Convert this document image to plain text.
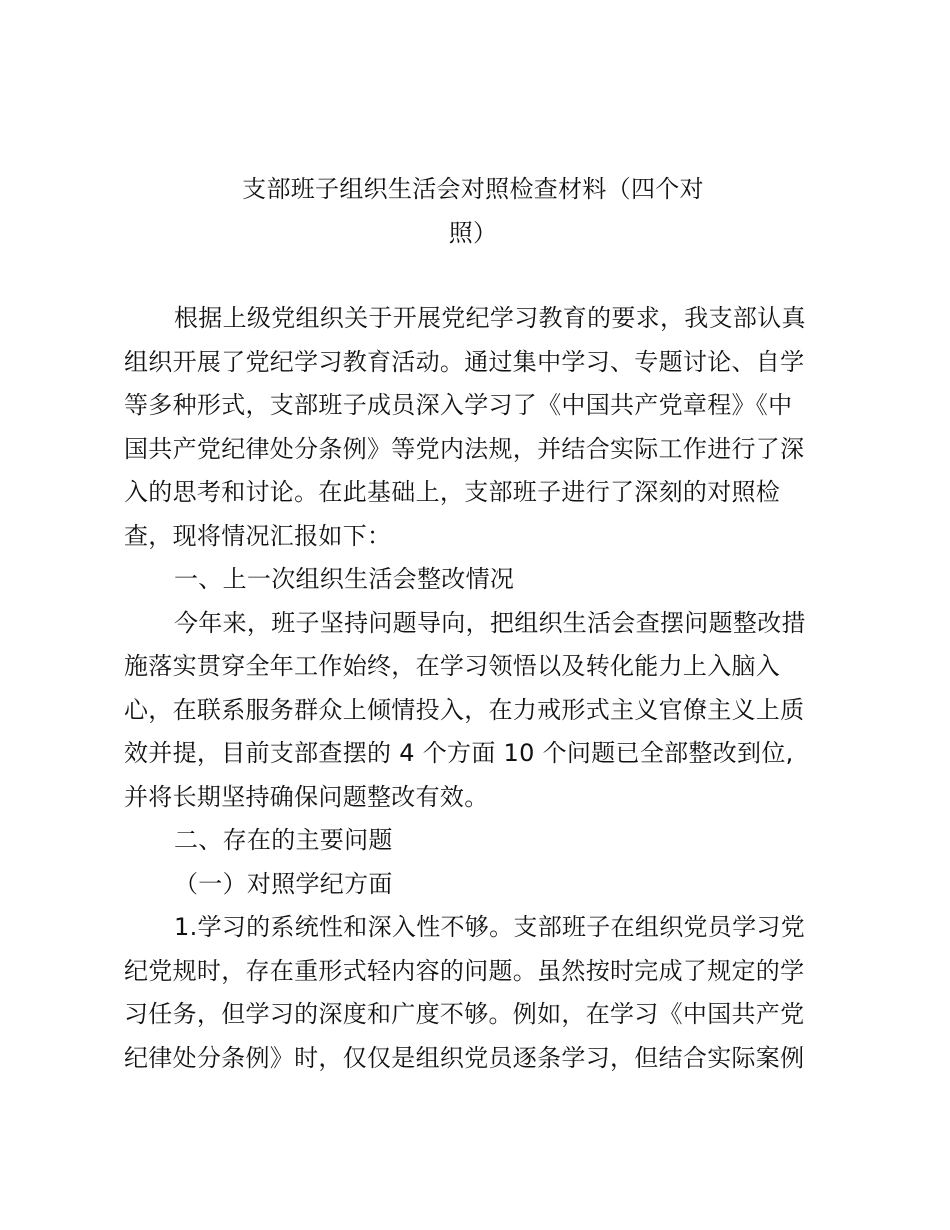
支部班子组织生活会对照检查材料（四个对
照）
根据上级党组织关于开展党纪学习教育的要求，我支部认真
组织开展了党纪学习教育活动。通过集中学习、专题讨论、自学
等多种形式，支部班子成员深入学习了《中国共产党章程》《中
国共产党纪律处分条例》等党内法规，并结合实际工作进行了深
入的思考和讨论。在此基础上，支部班子进行了深刻的对照检
查，现将情况汇报如下：
一、上一次组织生活会整改情况
今年来，班子坚持问题导向，把组织生活会查摆问题整改措
施落实贯穿全年工作始终，在学习领悟以及转化能力上入脑入
心，在联系服务群众上倾情投入，在力戒形式主义官僚主义上质
效并提，目前支部查摆的 4 个方面 10 个问题已全部整改到位,
并将长期坚持确保问题整改有效。
二、存在的主要问题
（一）对照学纪方面
1.学习的系统性和深入性不够。支部班子在组织党员学习党
纪党规时，存在重形式轻内容的问题。虽然按时完成了规定的学
习任务，但学习的深度和广度不够。例如，在学习《中国共产党
纪律处分条例》时，仅仅是组织党员逐条学习，但结合实际案例
